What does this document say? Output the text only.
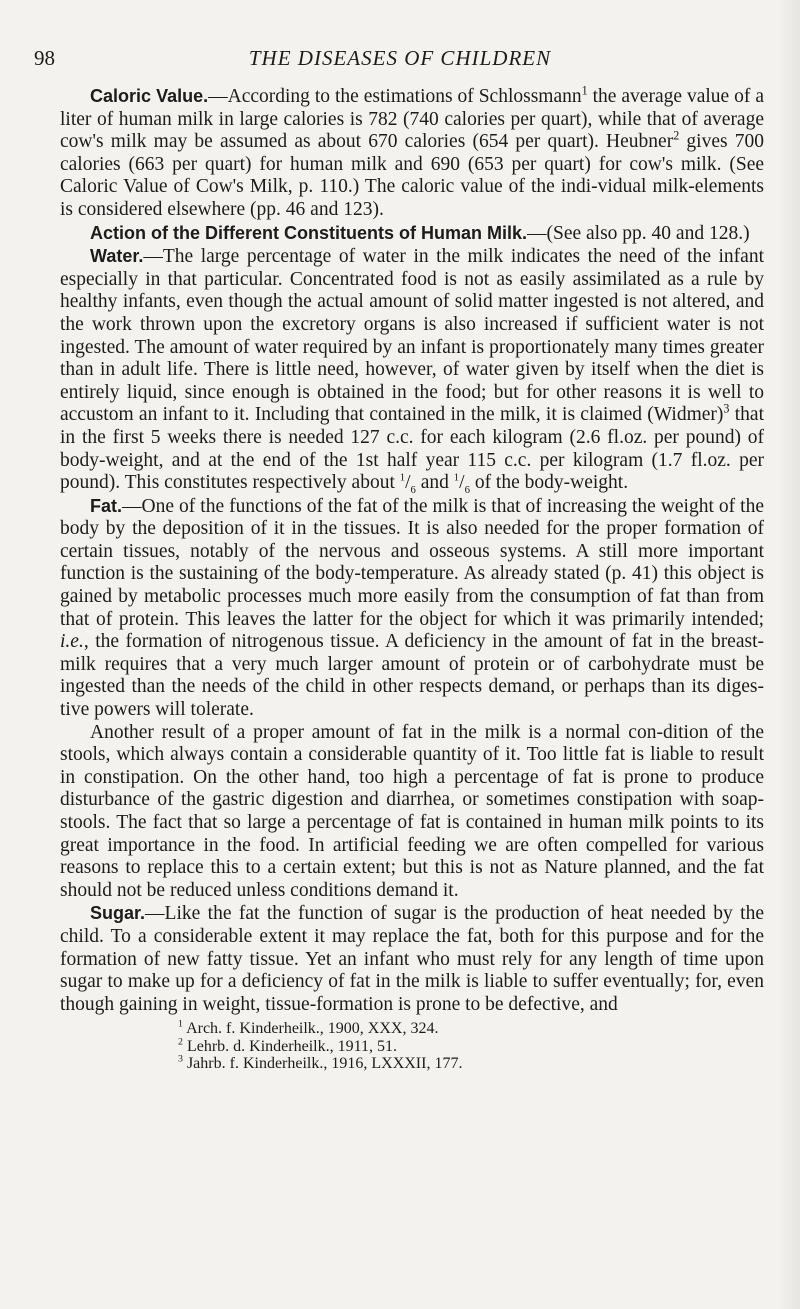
98	THE DISEASES OF CHILDREN

Caloric Value.—According to the estimations of Schlossmann$^1$ the average value of a liter of human milk in large calories is 782 (740 calories per quart), while that of average cow's milk may be assumed as about 670 calories (654 per quart). Heubner$^2$ gives 700 calories (663 per quart) for human milk and 690 (653 per quart) for cow's milk. (See Caloric Value of Cow's Milk, p. 110.) The caloric value of the indi-vidual milk-elements is considered elsewhere (pp. 46 and 123).

Action of the Different Constituents of Human Milk.—(See also pp. 40 and 128.)

Water.—The large percentage of water in the milk indicates the need of the infant especially in that particular. Concentrated food is not as easily assimilated as a rule by healthy infants, even though the actual amount of solid matter ingested is not altered, and the work thrown upon the excretory organs is also increased if sufficient water is not ingested. The amount of water required by an infant is proportionately many times greater than in adult life. There is little need, however, of water given by itself when the diet is entirely liquid, since enough is obtained in the food; but for other reasons it is well to accustom an infant to it. Including that contained in the milk, it is claimed (Widmer)$^3$ that in the first 5 weeks there is needed 127 c.c. for each kilogram (2.6 fl.oz. per pound) of body-weight, and at the end of the 1st half year 115 c.c. per kilogram (1.7 fl.oz. per pound). This constitutes respectively about $^1/_6$ and $^1/_6$ of the body-weight.

Fat.—One of the functions of the fat of the milk is that of increasing the weight of the body by the deposition of it in the tissues. It is also needed for the proper formation of certain tissues, notably of the nervous and osseous systems. A still more important function is the sustaining of the body-temperature. As already stated (p. 41) this object is gained by metabolic processes much more easily from the consumption of fat than from that of protein. This leaves the latter for the object for which it was primarily intended; i.e., the formation of nitrogenous tissue. A deficiency in the amount of fat in the breast-milk requires that a very much larger amount of protein or of carbohydrate must be ingested than the needs of the child in other respects demand, or perhaps than its diges-tive powers will tolerate.

Another result of a proper amount of fat in the milk is a normal con-dition of the stools, which always contain a considerable quantity of it. Too little fat is liable to result in constipation. On the other hand, too high a percentage of fat is prone to produce disturbance of the gastric digestion and diarrhea, or sometimes constipation with soap-stools. The fact that so large a percentage of fat is contained in human milk points to its great importance in the food. In artificial feeding we are often compelled for various reasons to replace this to a certain extent; but this is not as Nature planned, and the fat should not be reduced unless conditions demand it.

Sugar.—Like the fat the function of sugar is the production of heat needed by the child. To a considerable extent it may replace the fat, both for this purpose and for the formation of new fatty tissue. Yet an infant who must rely for any length of time upon sugar to make up for a deficiency of fat in the milk is liable to suffer eventually; for, even though gaining in weight, tissue-formation is prone to be defective, and

$^1$ Arch. f. Kinderheilk., 1900, XXX, 324.
$^2$ Lehrb. d. Kinderheilk., 1911, 51.
$^3$ Jahrb. f. Kinderheilk., 1916, LXXXII, 177.
